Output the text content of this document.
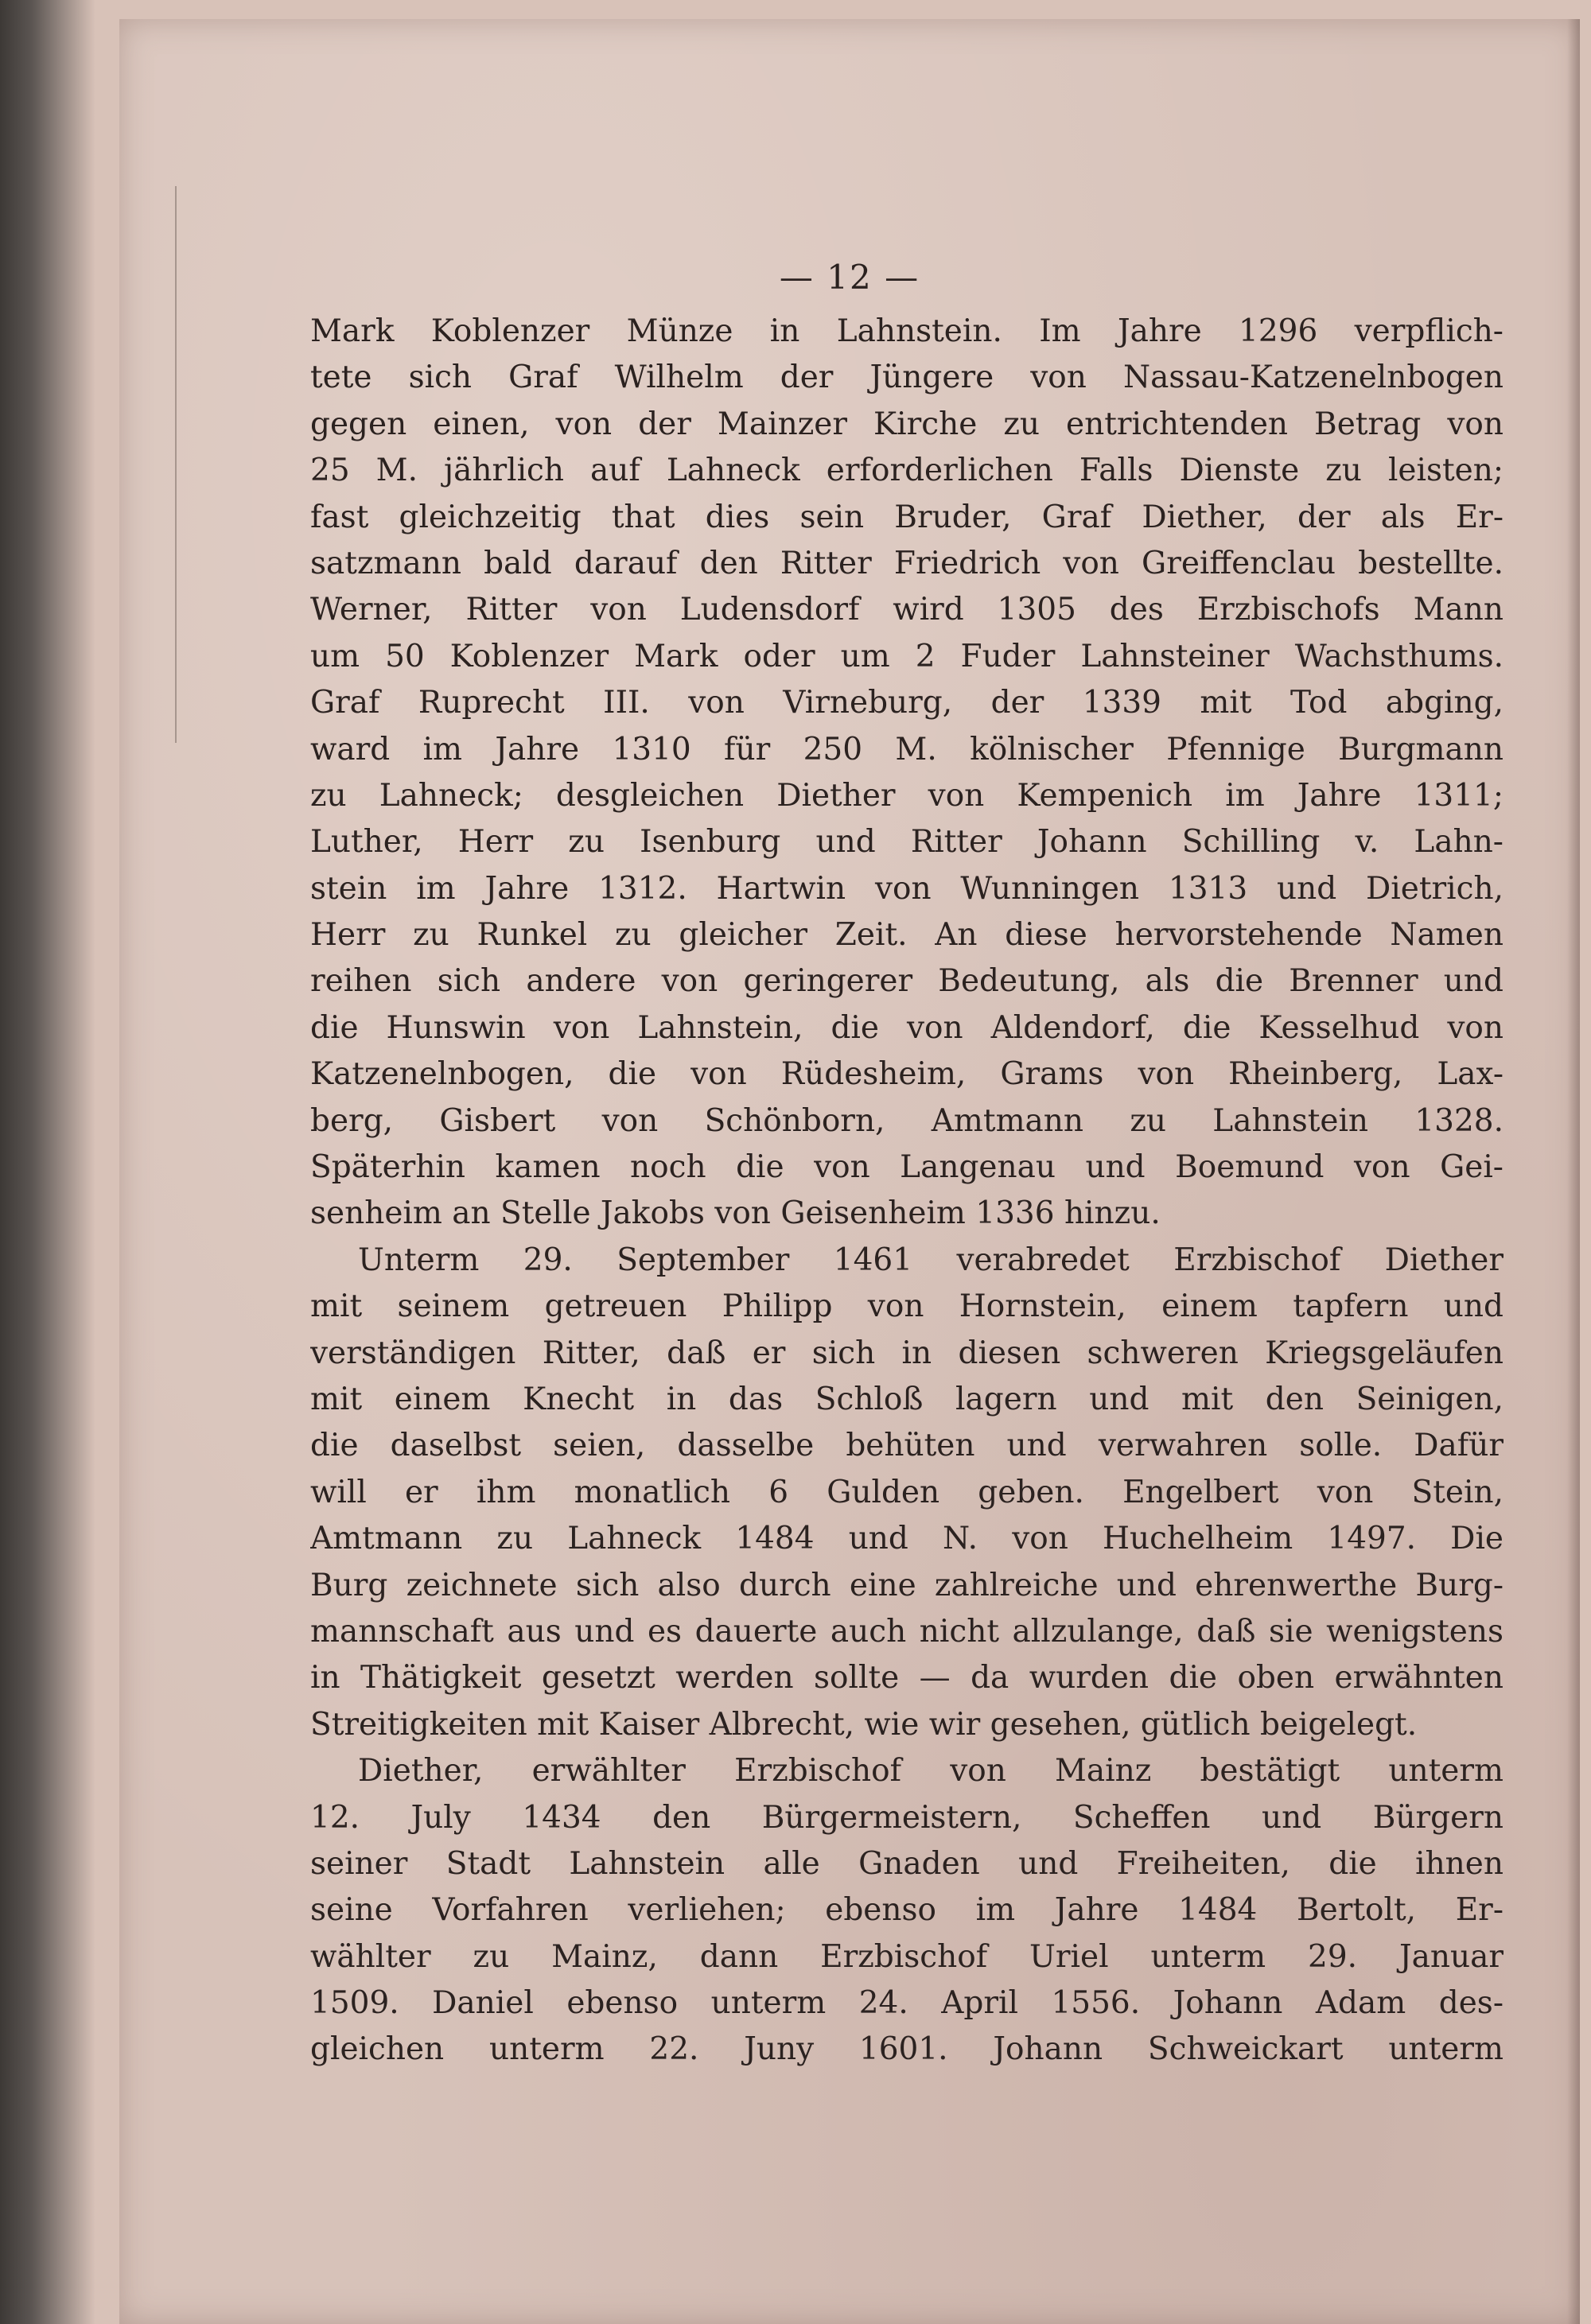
— 12 —
Mark Koblenzer Münze in Lahnstein. Im Jahre 1296 verpflich-
tete sich Graf Wilhelm der Jüngere von Nassau-Katzenelnbogen
gegen einen, von der Mainzer Kirche zu entrichtenden Betrag von
25 M. jährlich auf Lahneck erforderlichen Falls Dienste zu leisten;
fast gleichzeitig that dies sein Bruder, Graf Diether, der als Er-
satzmann bald darauf den Ritter Friedrich von Greiffenclau bestellte.
Werner, Ritter von Ludensdorf wird 1305 des Erzbischofs Mann
um 50 Koblenzer Mark oder um 2 Fuder Lahnsteiner Wachsthums.
Graf Ruprecht III. von Virneburg, der 1339 mit Tod abging,
ward im Jahre 1310 für 250 M. kölnischer Pfennige Burgmann
zu Lahneck; desgleichen Diether von Kempenich im Jahre 1311;
Luther, Herr zu Isenburg und Ritter Johann Schilling v. Lahn-
stein im Jahre 1312. Hartwin von Wunningen 1313 und Dietrich,
Herr zu Runkel zu gleicher Zeit. An diese hervorstehende Namen
reihen sich andere von geringerer Bedeutung, als die Brenner und
die Hunswin von Lahnstein, die von Aldendorf, die Kesselhud von
Katzenelnbogen, die von Rüdesheim, Grams von Rheinberg, Lax-
berg, Gisbert von Schönborn, Amtmann zu Lahnstein 1328.
Späterhin kamen noch die von Langenau und Boemund von Gei-
senheim an Stelle Jakobs von Geisenheim 1336 hinzu.
Unterm 29. September 1461 verabredet Erzbischof Diether
mit seinem getreuen Philipp von Hornstein, einem tapfern und
verständigen Ritter, daß er sich in diesen schweren Kriegsgeläufen
mit einem Knecht in das Schloß lagern und mit den Seinigen,
die daselbst seien, dasselbe behüten und verwahren solle. Dafür
will er ihm monatlich 6 Gulden geben. Engelbert von Stein,
Amtmann zu Lahneck 1484 und N. von Huchelheim 1497. Die
Burg zeichnete sich also durch eine zahlreiche und ehrenwerthe Burg-
mannschaft aus und es dauerte auch nicht allzulange, daß sie wenigstens
in Thätigkeit gesetzt werden sollte — da wurden die oben erwähnten
Streitigkeiten mit Kaiser Albrecht, wie wir gesehen, gütlich beigelegt.
Diether, erwählter Erzbischof von Mainz bestätigt unterm
12. July 1434 den Bürgermeistern, Scheffen und Bürgern
seiner Stadt Lahnstein alle Gnaden und Freiheiten, die ihnen
seine Vorfahren verliehen; ebenso im Jahre 1484 Bertolt, Er-
wählter zu Mainz, dann Erzbischof Uriel unterm 29. Januar
1509. Daniel ebenso unterm 24. April 1556. Johann Adam des-
gleichen unterm 22. Juny 1601. Johann Schweickart unterm
